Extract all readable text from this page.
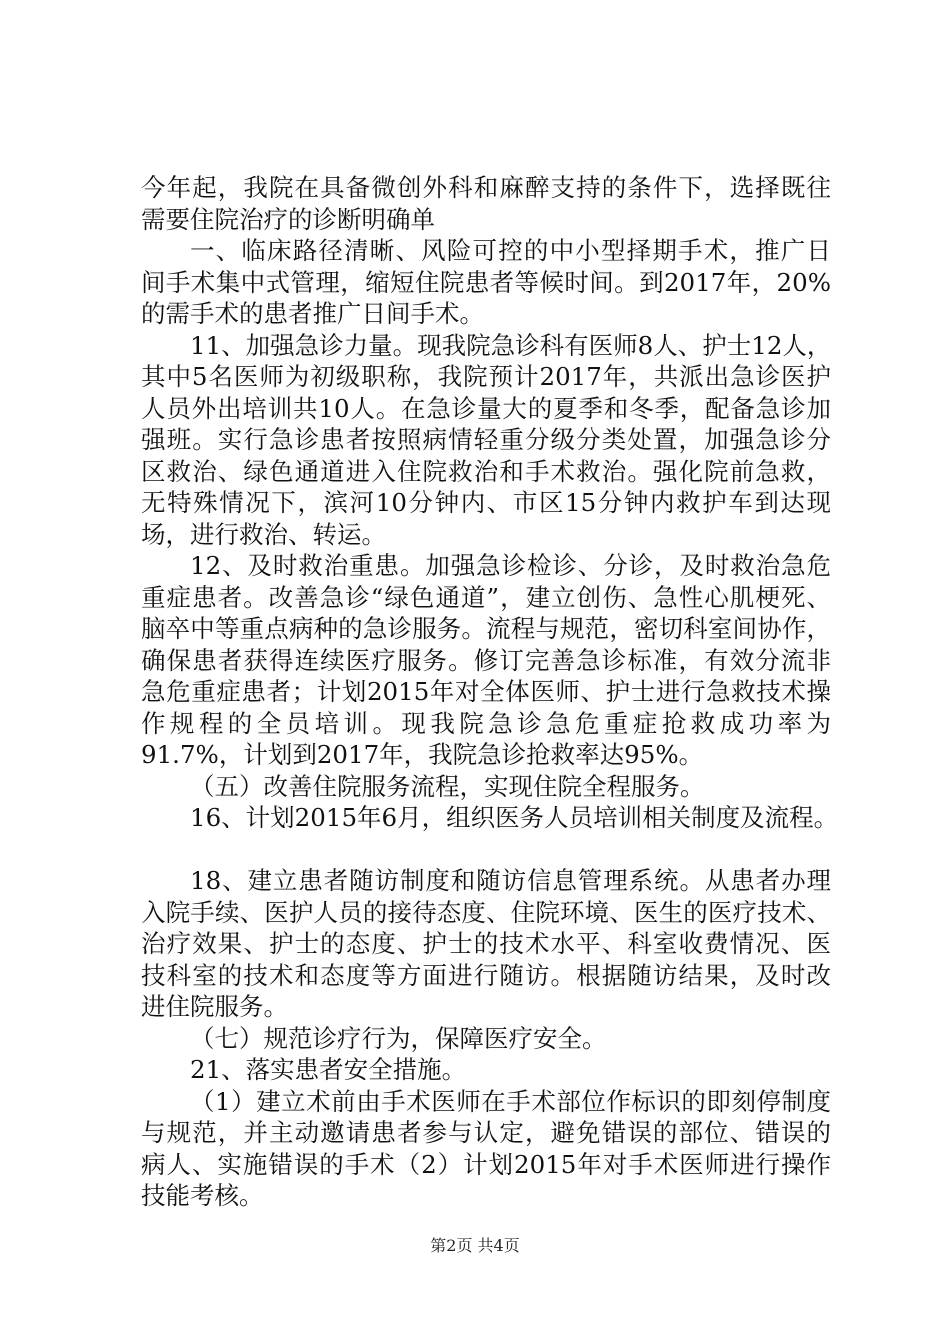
今年起，我院在具备微创外科和麻醉支持的条件下，选择既往
需要住院治疗的诊断明确单
一、临床路径清晰、风险可控的中小型择期手术，推广日
间手术集中式管理，缩短住院患者等候时间。到2017年，20%
的需手术的患者推广日间手术。
11、加强急诊力量。现我院急诊科有医师8人、护士12人，
其中5名医师为初级职称，我院预计2017年，共派出急诊医护
人员外出培训共10人。在急诊量大的夏季和冬季，配备急诊加
强班。实行急诊患者按照病情轻重分级分类处置，加强急诊分
区救治、绿色通道进入住院救治和手术救治。强化院前急救，
无特殊情况下，滨河10分钟内、市区15分钟内救护车到达现
场，进行救治、转运。
12、及时救治重患。加强急诊检诊、分诊，及时救治急危
重症患者。改善急诊“绿色通道”，建立创伤、急性心肌梗死、
脑卒中等重点病种的急诊服务。流程与规范，密切科室间协作，
确保患者获得连续医疗服务。修订完善急诊标准，有效分流非
急危重症患者；计划2015年对全体医师、护士进行急救技术操
作规程的全员培训。现我院急诊急危重症抢救成功率为
91.7%，计划到2017年，我院急诊抢救率达95%。
（五）改善住院服务流程，实现住院全程服务。
16、计划2015年6月，组织医务人员培训相关制度及流程。
18、建立患者随访制度和随访信息管理系统。从患者办理
入院手续、医护人员的接待态度、住院环境、医生的医疗技术、
治疗效果、护士的态度、护士的技术水平、科室收费情况、医
技科室的技术和态度等方面进行随访。根据随访结果，及时改
进住院服务。
（七）规范诊疗行为，保障医疗安全。
21、落实患者安全措施。
（1）建立术前由手术医师在手术部位作标识的即刻停制度
与规范，并主动邀请患者参与认定，避免错误的部位、错误的
病人、实施错误的手术（2）计划2015年对手术医师进行操作
技能考核。
第2页 共4页
